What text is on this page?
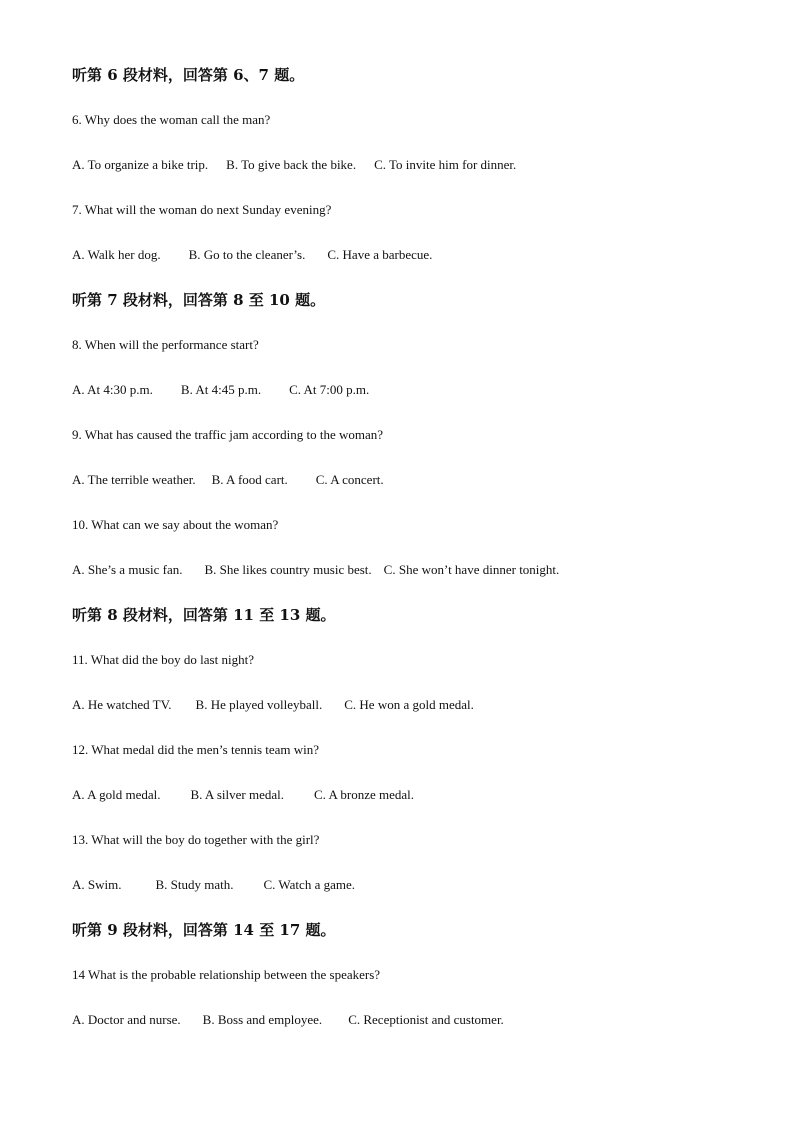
听第 6 段材料，回答第 6、7 题。
6. Why does the woman call the man?
A. To organize a bike trip. B. To give back the bike. C. To invite him for dinner.
7. What will the woman do next Sunday evening?
A. Walk her dog. B. Go to the cleaner’s. C. Have a barbecue.
听第 7 段材料，回答第 8 至 10 题。
8. When will the performance start?
A. At 4:30 p.m. B. At 4:45 p.m. C. At 7:00 p.m.
9. What has caused the traffic jam according to the woman?
A. The terrible weather. B. A food cart. C. A concert.
10. What can we say about the woman?
A. She’s a music fan. B. She likes country music best. C. She won’t have dinner tonight.
听第 8 段材料，回答第 11 至 13 题。
11. What did the boy do last night?
A. He watched TV. B. He played volleyball. C. He won a gold medal.
12. What medal did the men’s tennis team win?
A. A gold medal. B. A silver medal. C. A bronze medal.
13. What will the boy do together with the girl?
A. Swim.	B. Study math. C. Watch a game.
听第 9 段材料，回答第 14 至 17 题。
14 What is the probable relationship between the speakers?
A. Doctor and nurse. B. Boss and employee. C. Receptionist and customer.
